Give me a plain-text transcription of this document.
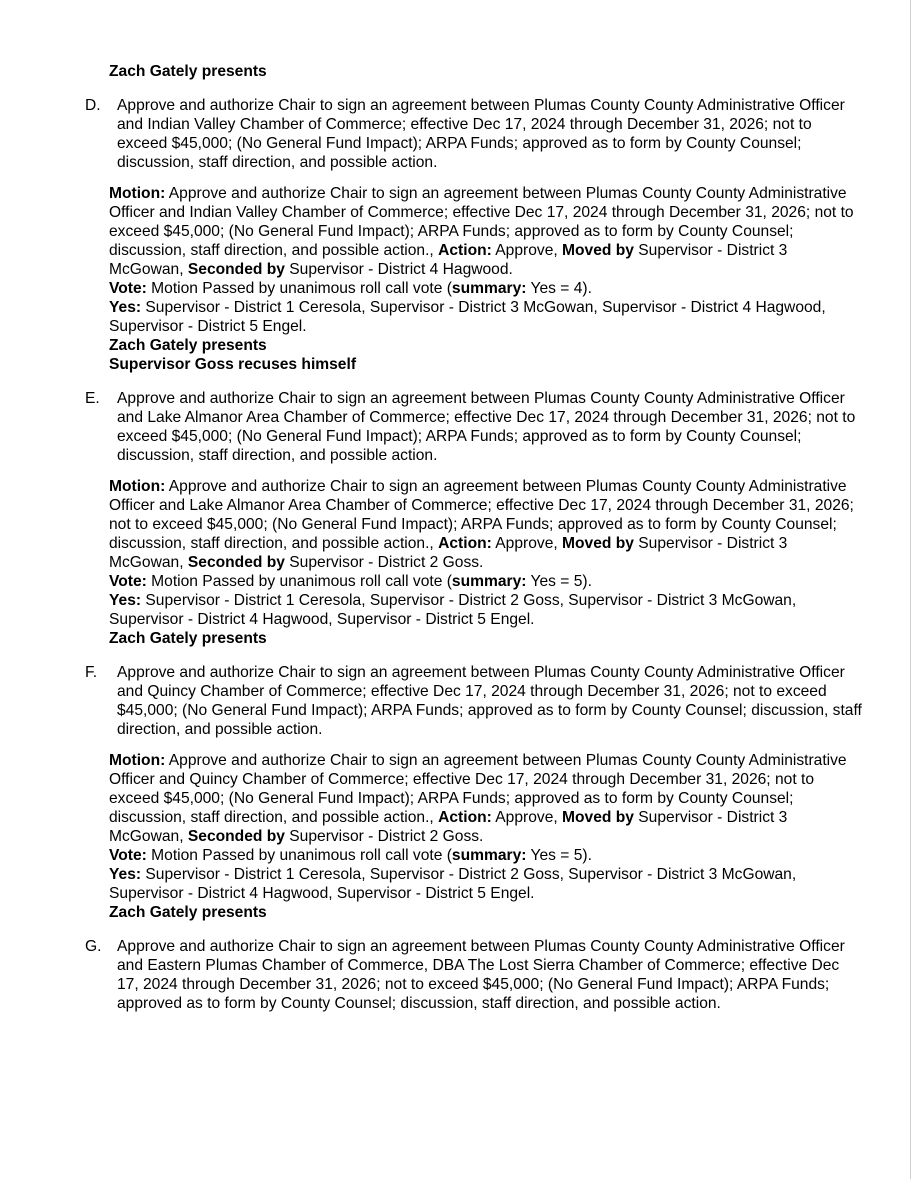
Zach Gately presents

D. Approve and authorize Chair to sign an agreement between Plumas County County Administrative Officer and Indian Valley Chamber of Commerce; effective Dec 17, 2024 through December 31, 2026; not to exceed $45,000; (No General Fund Impact); ARPA Funds; approved as to form by County Counsel; discussion, staff direction, and possible action.

Motion: Approve and authorize Chair to sign an agreement between Plumas County County Administrative Officer and Indian Valley Chamber of Commerce; effective Dec 17, 2024 through December 31, 2026; not to exceed $45,000; (No General Fund Impact); ARPA Funds; approved as to form by County Counsel; discussion, staff direction, and possible action., Action: Approve, Moved by Supervisor - District 3 McGowan, Seconded by Supervisor - District 4 Hagwood.

Vote: Motion Passed by unanimous roll call vote (summary: Yes = 4).

Yes: Supervisor - District 1 Ceresola, Supervisor - District 3 McGowan, Supervisor - District 4 Hagwood, Supervisor - District 5 Engel.

Zach Gately presents

Supervisor Goss recuses himself

E. Approve and authorize Chair to sign an agreement between Plumas County County Administrative Officer and Lake Almanor Area Chamber of Commerce; effective Dec 17, 2024 through December 31, 2026; not to exceed $45,000; (No General Fund Impact); ARPA Funds; approved as to form by County Counsel; discussion, staff direction, and possible action.

Motion: Approve and authorize Chair to sign an agreement between Plumas County County Administrative Officer and Lake Almanor Area Chamber of Commerce; effective Dec 17, 2024 through December 31, 2026; not to exceed $45,000; (No General Fund Impact); ARPA Funds; approved as to form by County Counsel; discussion, staff direction, and possible action., Action: Approve, Moved by Supervisor - District 3 McGowan, Seconded by Supervisor - District 2 Goss.

Vote: Motion Passed by unanimous roll call vote (summary: Yes = 5).

Yes: Supervisor - District 1 Ceresola, Supervisor - District 2 Goss, Supervisor - District 3 McGowan, Supervisor - District 4 Hagwood, Supervisor - District 5 Engel.

Zach Gately presents

F. Approve and authorize Chair to sign an agreement between Plumas County County Administrative Officer and Quincy Chamber of Commerce; effective Dec 17, 2024 through December 31, 2026; not to exceed $45,000; (No General Fund Impact); ARPA Funds; approved as to form by County Counsel; discussion, staff direction, and possible action.

Motion: Approve and authorize Chair to sign an agreement between Plumas County County Administrative Officer and Quincy Chamber of Commerce; effective Dec 17, 2024 through December 31, 2026; not to exceed $45,000; (No General Fund Impact); ARPA Funds; approved as to form by County Counsel; discussion, staff direction, and possible action., Action: Approve, Moved by Supervisor - District 3 McGowan, Seconded by Supervisor - District 2 Goss.

Vote: Motion Passed by unanimous roll call vote (summary: Yes = 5).

Yes: Supervisor - District 1 Ceresola, Supervisor - District 2 Goss, Supervisor - District 3 McGowan, Supervisor - District 4 Hagwood, Supervisor - District 5 Engel.

Zach Gately presents

G. Approve and authorize Chair to sign an agreement between Plumas County County Administrative Officer and Eastern Plumas Chamber of Commerce, DBA The Lost Sierra Chamber of Commerce; effective Dec 17, 2024 through December 31, 2026; not to exceed $45,000; (No General Fund Impact); ARPA Funds; approved as to form by County Counsel; discussion, staff direction, and possible action.
